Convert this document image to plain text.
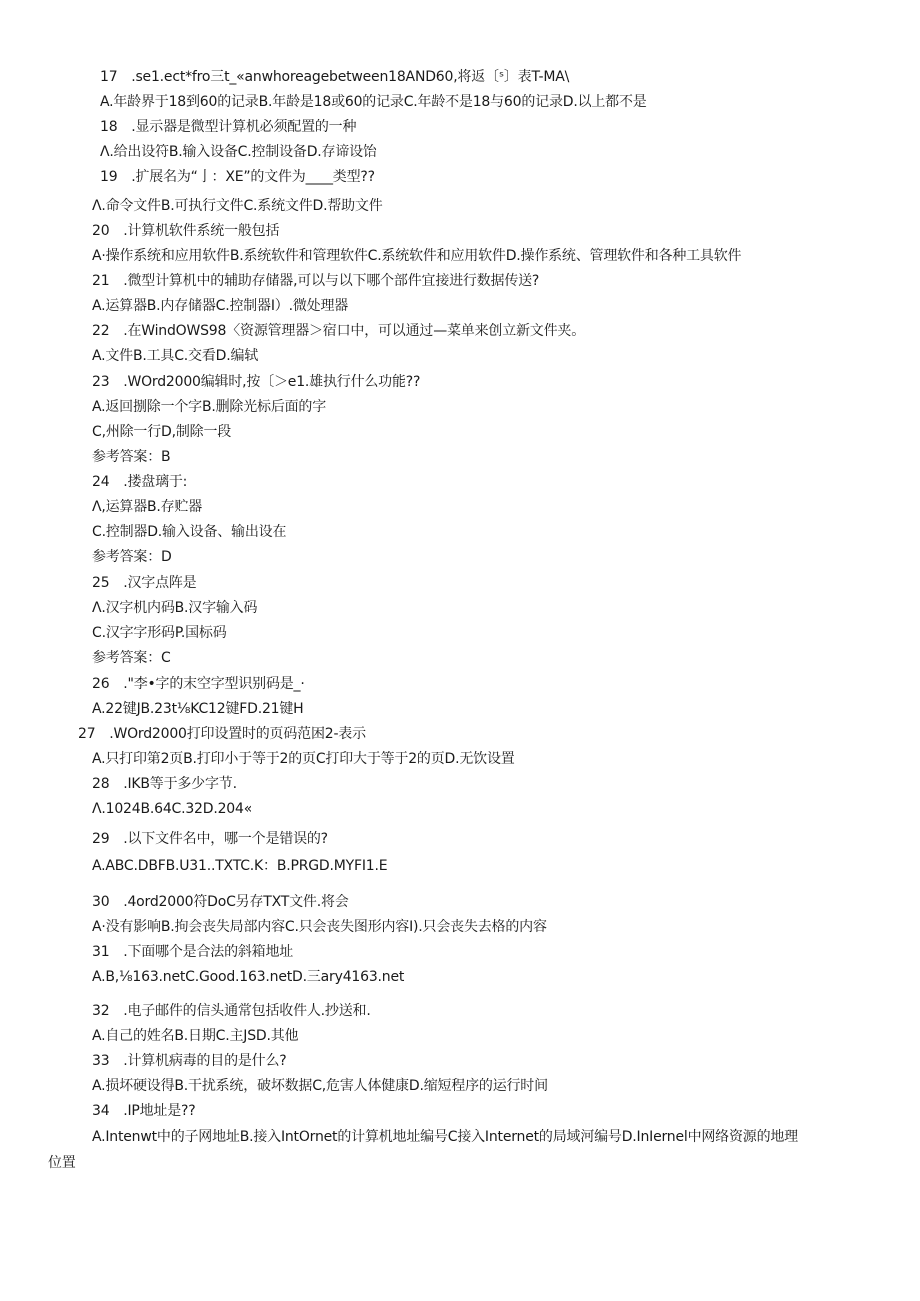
17　.se1.ect*fro三t_«anwhoreagebetween18AND60,将返〔ˢ〕表T-MA\
A.年龄界于18到60的记录B.年龄是18或60的记录C.年龄不是18与60的记录D.以上都不是
18　.显示器是微型计算机必须配置的一种
Λ.给出设符B.输入设备C.控制设备D.存谛设饴
19　.扩展名为“亅：XE”的文件为____类型??
Λ.命令文件B.可执行文件C.系统文件D.帮助文件
20　.计算机软件系统一般包括
A·操作系统和应用软件B.系统软件和管理软件C.系统软件和应用软件D.操作系统、管理软件和各种工具软件
21　.微型计算机中的辅助存储器,可以与以下哪个部件宜接进行数据传送?
A.运算器B.内存储器C.控制器I）.微处理器
22　.在WindOWS98〈资源管理器＞宿口中，可以通过—菜单来创立新文件夹。
A.文件B.工具C.交看D.编轼
23　.WOrd2000编辑时,按〔＞e1.雄执行什么功能??
A.返回捌除一个字B.删除光标后面的字
C,州除一行D,制除一段
参考答案：B
24　.搂盘璃于:
Λ,运算器B.存贮器
C.控制器D.输入设备、输出设在
参考答案：D
25　.汉字点阵是
Λ.汉字机内码B.汉字输入码
C.汉字字形码P.国标码
参考答案：C
26　."李•字的末空字型识别码是_·
A.22键JB.23t⅛KC12键FD.21键H
27　.WOrd2000打印设置时的页码范困2-表示
A.只打印第2页B.打印小于等于2的页C打印大于等于2的页D.无饮设置
28　.IKB等于多少字节.
Λ.1024B.64C.32D.204«
29　.以下文件名中，哪一个是错误的?
A.ABC.DBFB.U31..TXTC.K：B.PRGD.MYFI1.E
30　.4ord2000符DoC另存TXT文件.将会
A·没有影响B.拘会丧失局部内容C.只会丧失图形内容I).只会丧失去格的内容
31　.下面哪个是合法的斜箱地址
A.B,⅛163.netC.Good.163.netD.三ary4163.net
32　.电子邮件的信头通常包括收件人.抄送和.
A.自己的姓名B.日期C.主JSD.其他
33　.计算机病毒的目的是什么?
A.损坏硬设得B.干扰系统，破坏数据C,危害人体健康D.缩短程序的运行时间
34　.IP地址是??
A.Intenwt中的子网地址B.接入IntOrnet的计算机地址编号C接入Internet的局域河编号D.InIernel中网络资源的地理
位置
